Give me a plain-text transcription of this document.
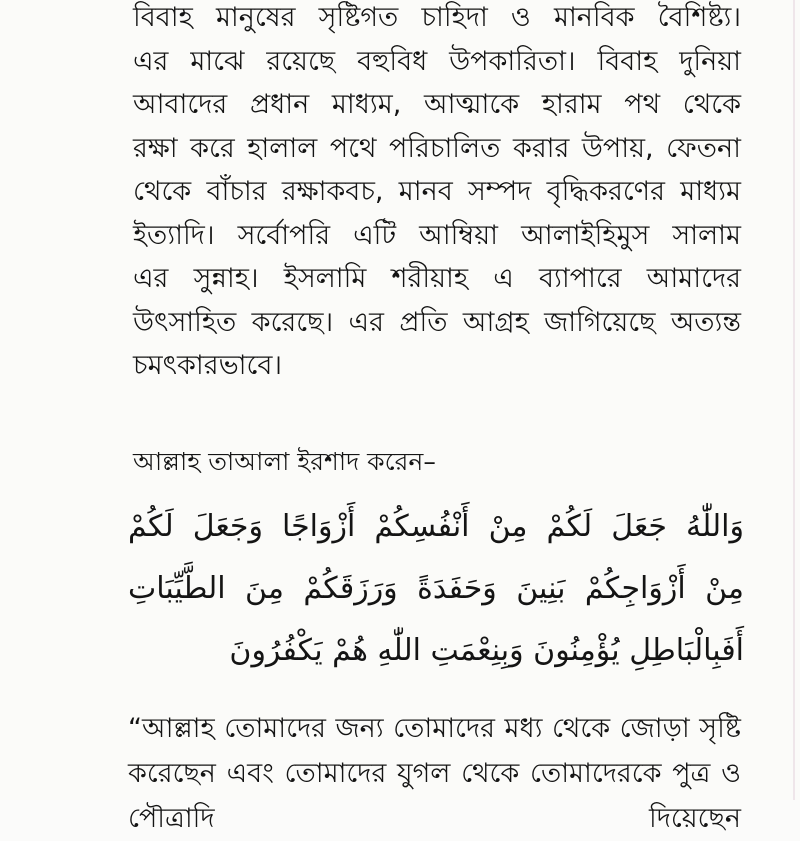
বিবাহ মানুষের সৃষ্টিগত চাহিদা ও মানবিক বৈশিষ্ট্য।
এর মাঝে রয়েছে বহুবিধ উপকারিতা। বিবাহ দুনিয়া
আবাদের প্রধান মাধ্যম, আত্মাকে হারাম পথ থেকে
রক্ষা করে হালাল পথে পরিচালিত করার উপায়, ফেতনা
থেকে বাঁচার রক্ষাকবচ, মানব সম্পদ বৃদ্ধিকরণের মাধ্যম
ইত্যাদি। সর্বোপরি এটি আম্বিয়া আলাইহিমুস সালাম
এর সুন্নাহ। ইসলামি শরীয়াহ এ ব্যাপারে আমাদের
উৎসাহিত করেছে। এর প্রতি আগ্রহ জাগিয়েছে অত্যন্ত
চমৎকারভাবে।
আল্লাহ তাআলা ইরশাদ করেন–
وَاللّٰهُ جَعَلَ لَكُمْ مِنْ أَنْفُسِكُمْ أَزْوَاجًا وَجَعَلَ لَكُمْ
مِنْ أَزْوَاجِكُمْ بَنِينَ وَحَفَدَةً وَرَزَقَكُمْ مِنَ الطَّيِّبَاتِ
أَفَبِالْبَاطِلِ يُؤْمِنُونَ وَبِنِعْمَتِ اللّٰهِ هُمْ يَكْفُرُونَ
“আল্লাহ তোমাদের জন্য তোমাদের মধ্য থেকে জোড়া সৃষ্টি
করেছেন এবং তোমাদের যুগল থেকে তোমাদেরকে পুত্র ও
পৌত্রাদি দিয়েছেন
